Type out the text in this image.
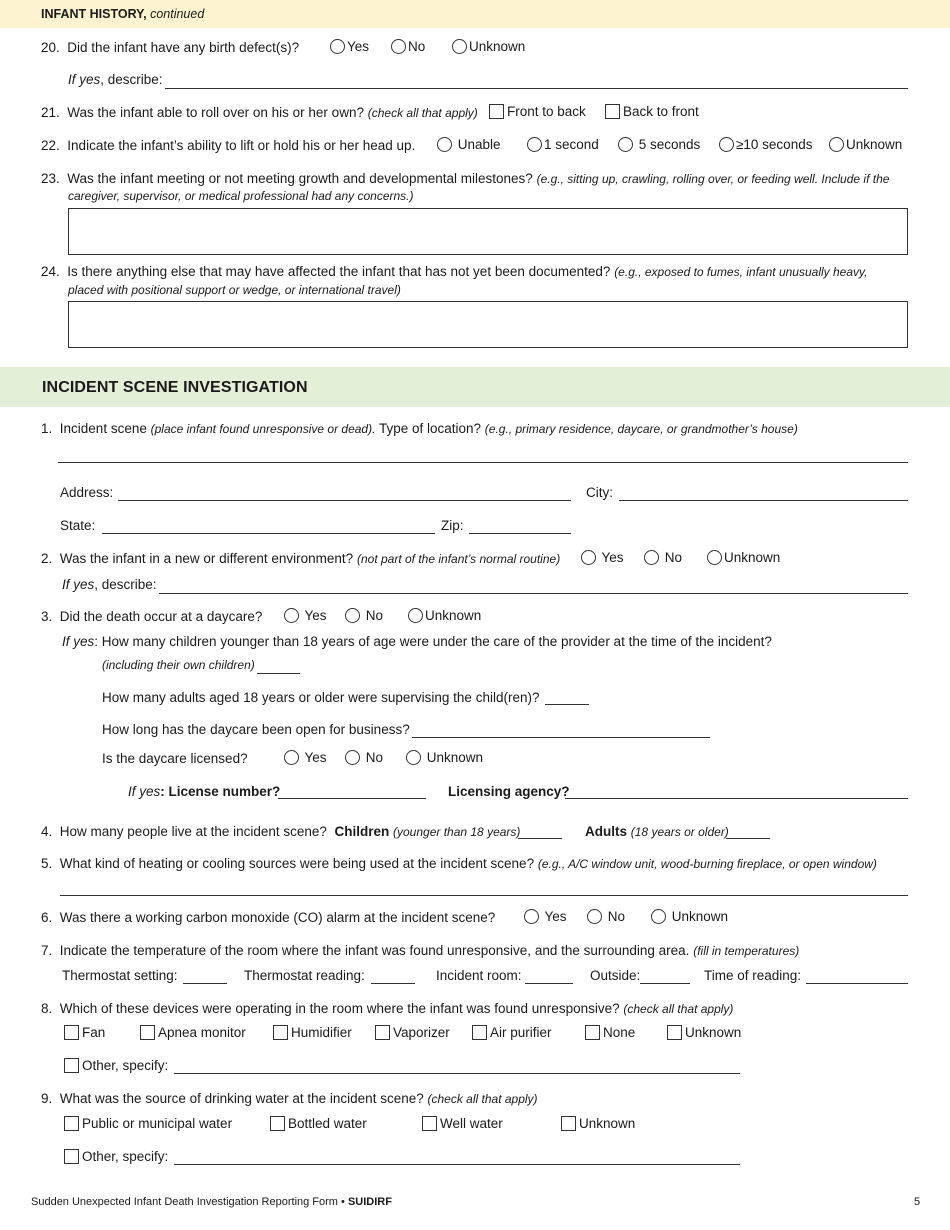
INFANT HISTORY, continued
20. Did the infant have any birth defect(s)?	Yes	No	Unknown
If yes, describe:
21. Was the infant able to roll over on his or her own? (check all that apply)	Front to back	Back to front
22. Indicate the infant’s ability to lift or hold his or her head up.	Unable	1 second	5 seconds	≥10 seconds	Unknown
23. Was the infant meeting or not meeting growth and developmental milestones? (e.g., sitting up, crawling, rolling over, or feeding well. Include if the
caregiver, supervisor, or medical professional had any concerns.)
24. Is there anything else that may have affected the infant that has not yet been documented? (e.g., exposed to fumes, infant unusually heavy,
placed with positional support or wedge, or international travel)
INCIDENT SCENE INVESTIGATION
1. Incident scene (place infant found unresponsive or dead). Type of location? (e.g., primary residence, daycare, or grandmother’s house)
Address:	City:
State:	Zip:
2. Was the infant in a new or different environment? (not part of the infant’s normal routine)	Yes	No	Unknown
If yes, describe:
3. Did the death occur at a daycare?	Yes	No	Unknown
If yes: How many children younger than 18 years of age were under the care of the provider at the time of the incident?
(including their own children)
How many adults aged 18 years or older were supervising the child(ren)?
How long has the daycare been open for business?
Is the daycare licensed?	Yes	No	Unknown
If yes: License number?	Licensing agency?
4. How many people live at the incident scene? Children (younger than 18 years)	Adults (18 years or older)
5. What kind of heating or cooling sources were being used at the incident scene? (e.g., A/C window unit, wood-burning fireplace, or open window)
6. Was there a working carbon monoxide (CO) alarm at the incident scene?	Yes	No	Unknown
7. Indicate the temperature of the room where the infant was found unresponsive, and the surrounding area. (fill in temperatures)
Thermostat setting:	Thermostat reading:	Incident room:	Outside:	Time of reading:
8. Which of these devices were operating in the room where the infant was found unresponsive? (check all that apply)
Fan	Apnea monitor	Humidifier	Vaporizer	Air purifier	None	Unknown
Other, specify:
9. What was the source of drinking water at the incident scene? (check all that apply)
Public or municipal water	Bottled water	Well water	Unknown
Other, specify:
Sudden Unexpected Infant Death Investigation Reporting Form • SUIDIRF	5
